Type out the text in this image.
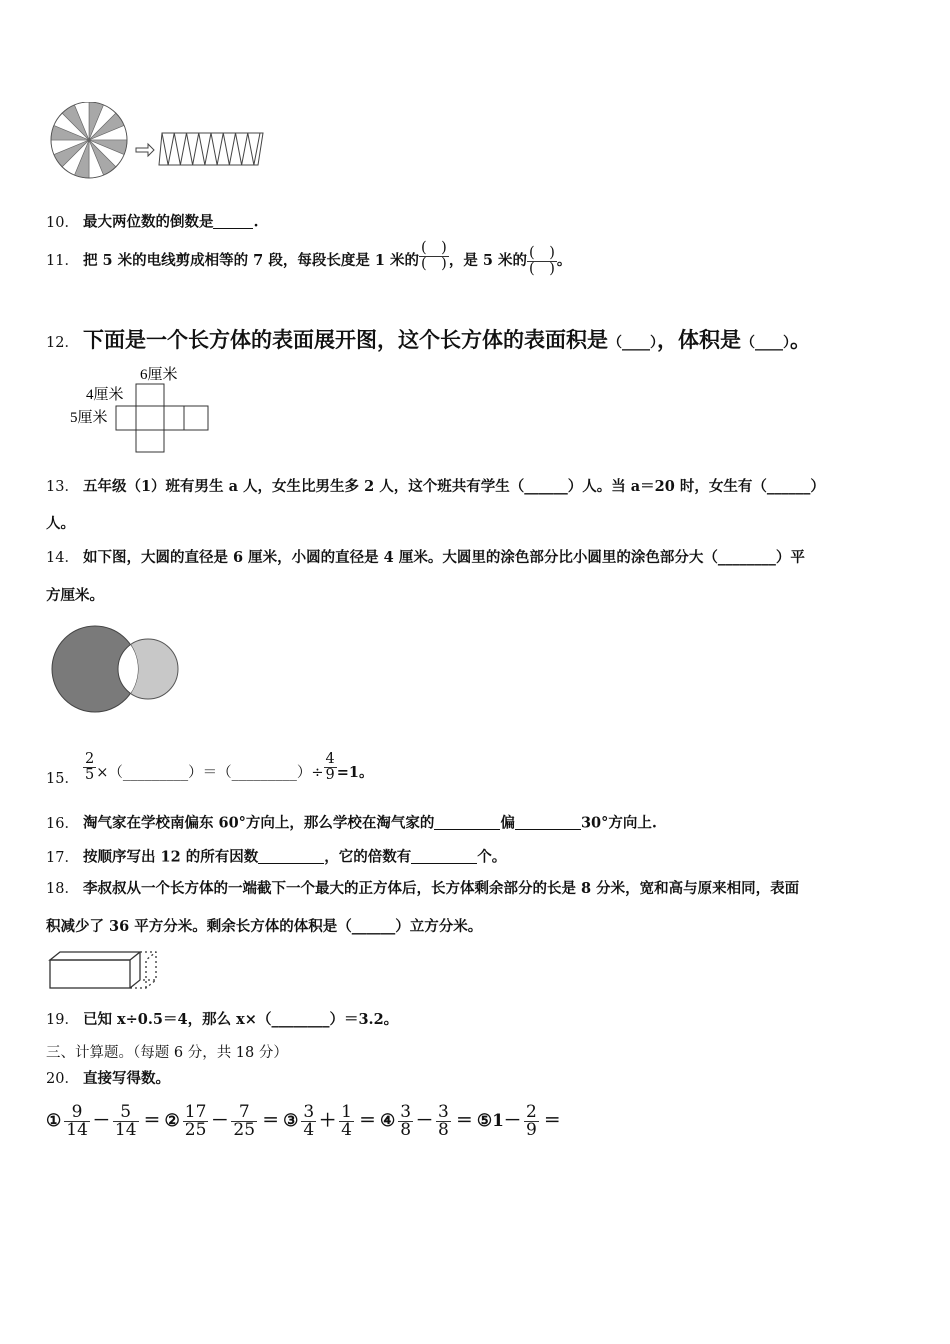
10． 最大两位数的倒数是	.
11． 把 5 米的电线剪成相等的 7 段，每段长度是 1 米的 $\frac{( )}{( )}$ ，是 5 米的 $\frac{( )}{( )}$ 。
12． 下面是一个长方体的表面展开图，这个长方体的表面积是（____），体积是（____）。
6厘米
4厘米
5厘米
13． 五年级（1）班有男生 a 人，女生比男生多 2 人，这个班共有学生（______）人。当 a＝20 时，女生有（______）
人。
14． 如下图，大圆的直径是 6 厘米，小圆的直径是 4 厘米。大圆里的涂色部分比小圆里的涂色部分大（________）平
方厘米。
15． $\frac{2}{5}$ ×（_________）＝（_________）÷ $\frac{4}{9} =1$。
16． 淘气家在学校南偏东 60°方向上，那么学校在淘气家的	偏	30°方向上.
17． 按顺序写出 12 的所有因数	，它的倍数有	个。
18． 李叔叔从一个长方体的一端截下一个最大的正方体后，长方体剩余部分的长是 8 分米，宽和高与原来相同，表面
积减少了 36 平方分米。剩余长方体的体积是（______）立方分米。
19． 已知 x÷0.5＝4，那么 x×（________）＝3.2。
三、计算题。（每题 6 分，共 18 分）
20． 直接写得数。
① $\frac{9}{14} - \frac{5}{14}$ ＝ ② $\frac{17}{25} - \frac{7}{25}$ ＝ ③ $\frac{3}{4} + \frac{1}{4}$ ＝ ④ $\frac{3}{8} - \frac{3}{8}$ ＝ ⑤1－ $\frac{2}{9}$ ＝
